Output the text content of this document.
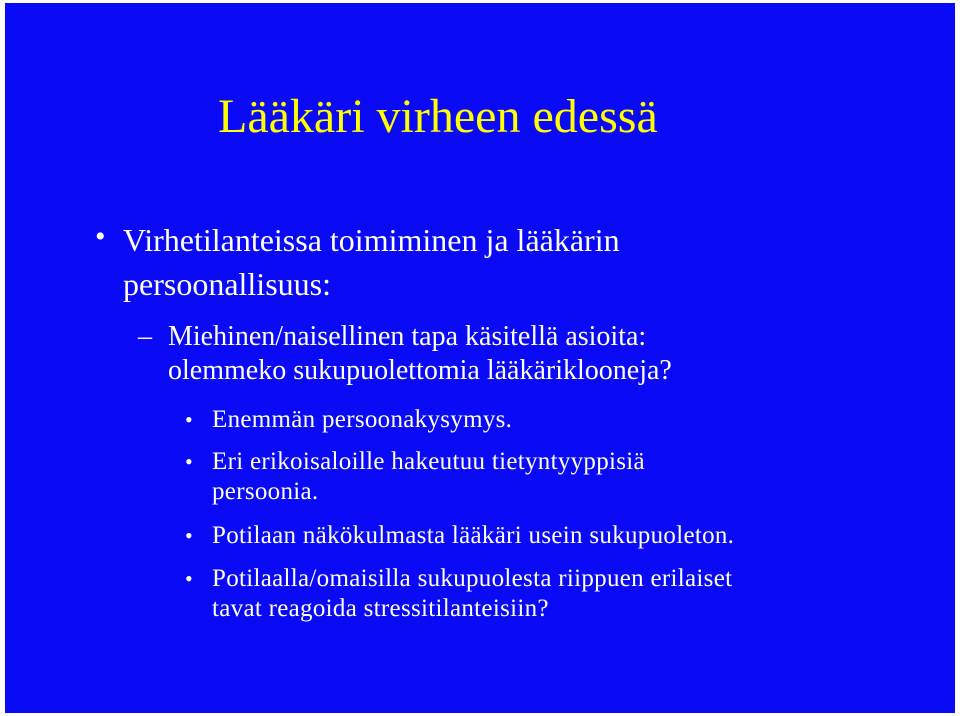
Lääkäri virheen edessä
• Virhetilanteissa toimiminen ja lääkärin
persoonallisuus:
– Miehinen/naisellinen tapa käsitellä asioita:
olemmeko sukupuolettomia lääkäriklooneja?
• Enemmän persoonakysymys.
• Eri erikoisaloille hakeutuu tietyntyyppisiä
persoonia.
• Potilaan näkökulmasta lääkäri usein sukupuoleton.
• Potilaalla/omaisilla sukupuolesta riippuen erilaiset
tavat reagoida stressitilanteisiin?
